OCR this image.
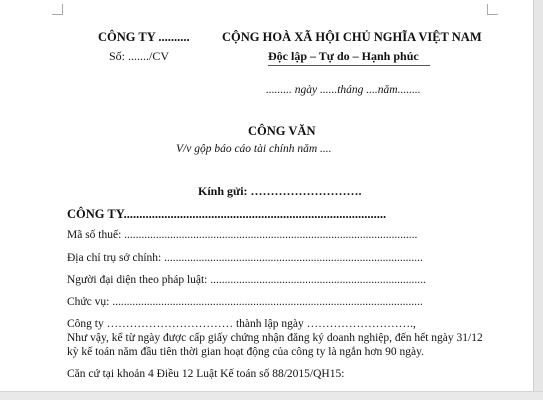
CÔNG TY ..........
Số: ......./CV
CỘNG HOÀ XÃ HỘI CHỦ NGHĨA VIỆT NAM
Độc lập – Tự do – Hạnh phúc
......... ngày ......tháng ....năm........
CÔNG VĂN
V/v gộp báo cáo tài chính năm ....
Kính gửi: ……………………….
CÔNG TY....................................................................................
Mã số thuế: ......................................................................................................
Địa chỉ trụ sở chính: ..........................................................................................
Người đại diện theo pháp luật: ...........................................................................
Chức vụ: ............................................................................................................
Công ty …………………………… thành lập ngày ……………………….,
Như vậy, kể từ ngày được cấp giấy chứng nhận đăng ký doanh nghiệp, đến hết ngày 31/12
kỳ kế toán năm đầu tiên thời gian hoạt động của công ty là ngắn hơn 90 ngày.
Căn cứ tại khoản 4 Điều 12 Luật Kế toán số 88/2015/QH15:
